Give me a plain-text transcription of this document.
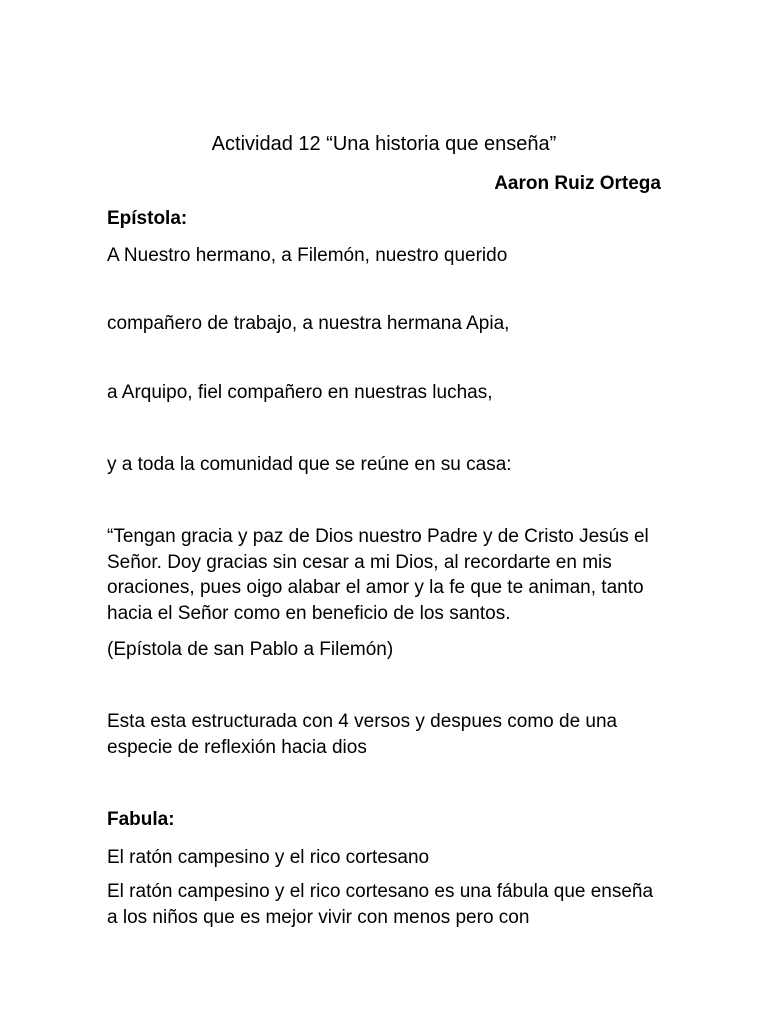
Actividad 12 “Una historia que enseña”

Aaron Ruiz Ortega

Epístola:

A Nuestro hermano, a Filemón, nuestro querido

compañero de trabajo, a nuestra hermana Apia,

a Arquipo, fiel compañero en nuestras luchas,

y a toda la comunidad que se reúne en su casa:

“Tengan gracia y paz de Dios nuestro Padre y de Cristo Jesús el Señor. Doy gracias sin cesar a mi Dios, al recordarte en mis oraciones, pues oigo alabar el amor y la fe que te animan, tanto hacia el Señor como en beneficio de los santos.

(Epístola de san Pablo a Filemón)

Esta esta estructurada con 4 versos y despues como de una especie de reflexión hacia dios

Fabula:

El ratón campesino y el rico cortesano

El ratón campesino y el rico cortesano es una fábula que enseña a los niños que es mejor vivir con menos pero con
